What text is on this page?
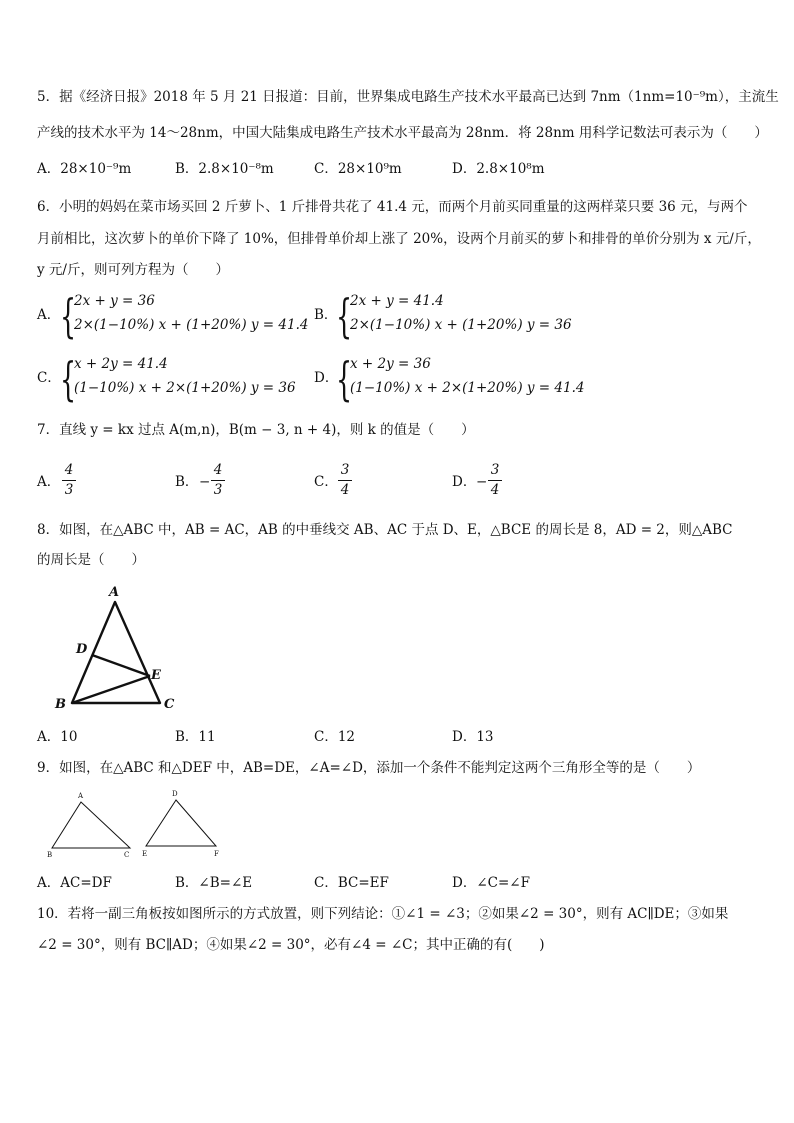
5．据《经济日报》2018 年 5 月 21 日报道：目前，世界集成电路生产技术水平最高已达到 7nm（1nm=10⁻⁹m），主流生
产线的技术水平为 14～28nm，中国大陆集成电路生产技术水平最高为 28nm．将 28nm 用科学记数法可表示为（　　）
A．28×10⁻⁹m	B．2.8×10⁻⁸m	C．28×10⁹m	D．2.8×10⁸m
6．小明的妈妈在菜市场买回 2 斤萝卜、1 斤排骨共花了 41.4 元，而两个月前买同重量的这两样菜只要 36 元，与两个
月前相比，这次萝卜的单价下降了 10%，但排骨单价却上涨了 20%，设两个月前买的萝卜和排骨的单价分别为 x 元/斤，
y 元/斤，则可列方程为（　　）
A． {
2x + y = 36
2×(1−10%) x + (1+20%) y = 41.4
B．
{
2x + y = 41.4
2×(1−10%) x + (1+20%) y = 36
C． {
x + 2y = 41.4
(1−10%) x + 2×(1+20%) y = 36
D．
{
x + 2y = 36
(1−10%) x + 2×(1+20%) y = 41.4
7．直线 y = kx 过点 A(m,n)，B(m − 3, n + 4)，则 k 的值是（　　）
A．
4
3	B． −
4
3	C．
3
4	D． −
3
4
8．如图，在△ABC 中，AB = AC，AB 的中垂线交 AB、AC 于点 D、E，△BCE 的周长是 8，AD = 2，则△ABC
的周长是（　　）
A
B	C
D
E
A．10	B．11	C．12	D．13
9．如图，在△ABC 和△DEF 中，AB=DE，∠A=∠D，添加一个条件不能判定这两个三角形全等的是（　　）
A
B	C
D
E	F
A．AC=DF	B．∠B=∠E	C．BC=EF	D．∠C=∠F
10．若将一副三角板按如图所示的方式放置，则下列结论：①∠1 = ∠3；②如果∠2 = 30°，则有 AC∥DE；③如果
∠2 = 30°，则有 BC∥AD；④如果∠2 = 30°，必有∠4 = ∠C；其中正确的有(　　)
